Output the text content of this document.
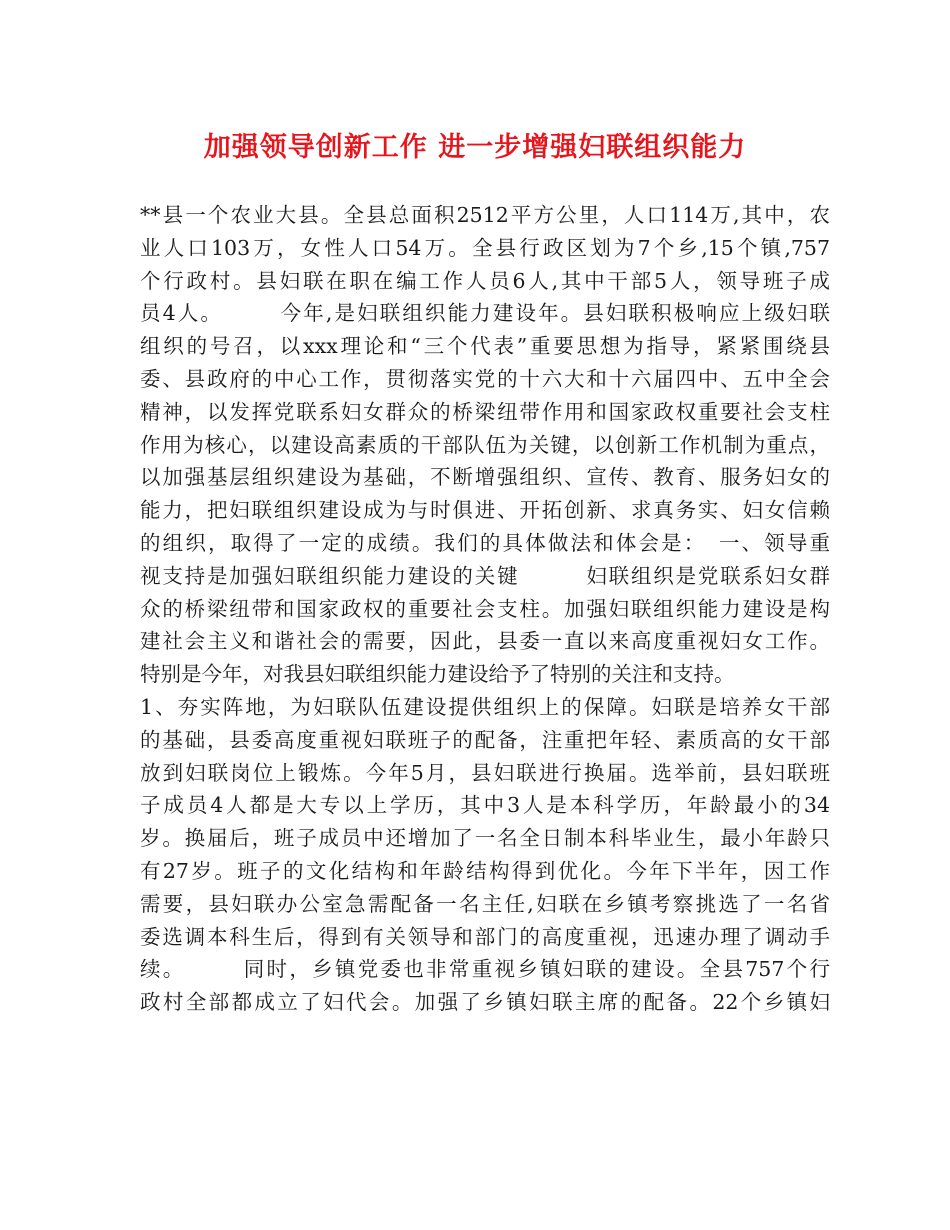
加强领导创新工作 进一步增强妇联组织能力
**县一个农业大县。全县总面积2512平方公里，人口114万,其中，农
业人口103万，女性人口54万。全县行政区划为7个乡,15个镇,757
个行政村。县妇联在职在编工作人员6人,其中干部5人，领导班子成
员4人。　　　今年,是妇联组织能力建设年。县妇联积极响应上级妇联
组织的号召，以xxx理论和“三个代表”重要思想为指导，紧紧围绕县
委、县政府的中心工作，贯彻落实党的十六大和十六届四中、五中全会
精神，以发挥党联系妇女群众的桥梁纽带作用和国家政权重要社会支柱
作用为核心，以建设高素质的干部队伍为关键，以创新工作机制为重点，
以加强基层组织建设为基础，不断增强组织、宣传、教育、服务妇女的
能力，把妇联组织建设成为与时俱进、开拓创新、求真务实、妇女信赖
的组织，取得了一定的成绩。我们的具体做法和体会是：　一、领导重
视支持是加强妇联组织能力建设的关键　　　妇联组织是党联系妇女群
众的桥梁纽带和国家政权的重要社会支柱。加强妇联组织能力建设是构
建社会主义和谐社会的需要，因此，县委一直以来高度重视妇女工作。
特别是今年，对我县妇联组织能力建设给予了特别的关注和支持。
1、夯实阵地，为妇联队伍建设提供组织上的保障。妇联是培养女干部
的基础，县委高度重视妇联班子的配备，注重把年轻、素质高的女干部
放到妇联岗位上锻炼。今年5月，县妇联进行换届。选举前，县妇联班
子成员4人都是大专以上学历，其中3人是本科学历，年龄最小的34
岁。换届后，班子成员中还增加了一名全日制本科毕业生，最小年龄只
有27岁。班子的文化结构和年龄结构得到优化。今年下半年，因工作
需要，县妇联办公室急需配备一名主任,妇联在乡镇考察挑选了一名省
委选调本科生后，得到有关领导和部门的高度重视，迅速办理了调动手
续。　　　同时，乡镇党委也非常重视乡镇妇联的建设。全县757个行
政村全部都成立了妇代会。加强了乡镇妇联主席的配备。22个乡镇妇
